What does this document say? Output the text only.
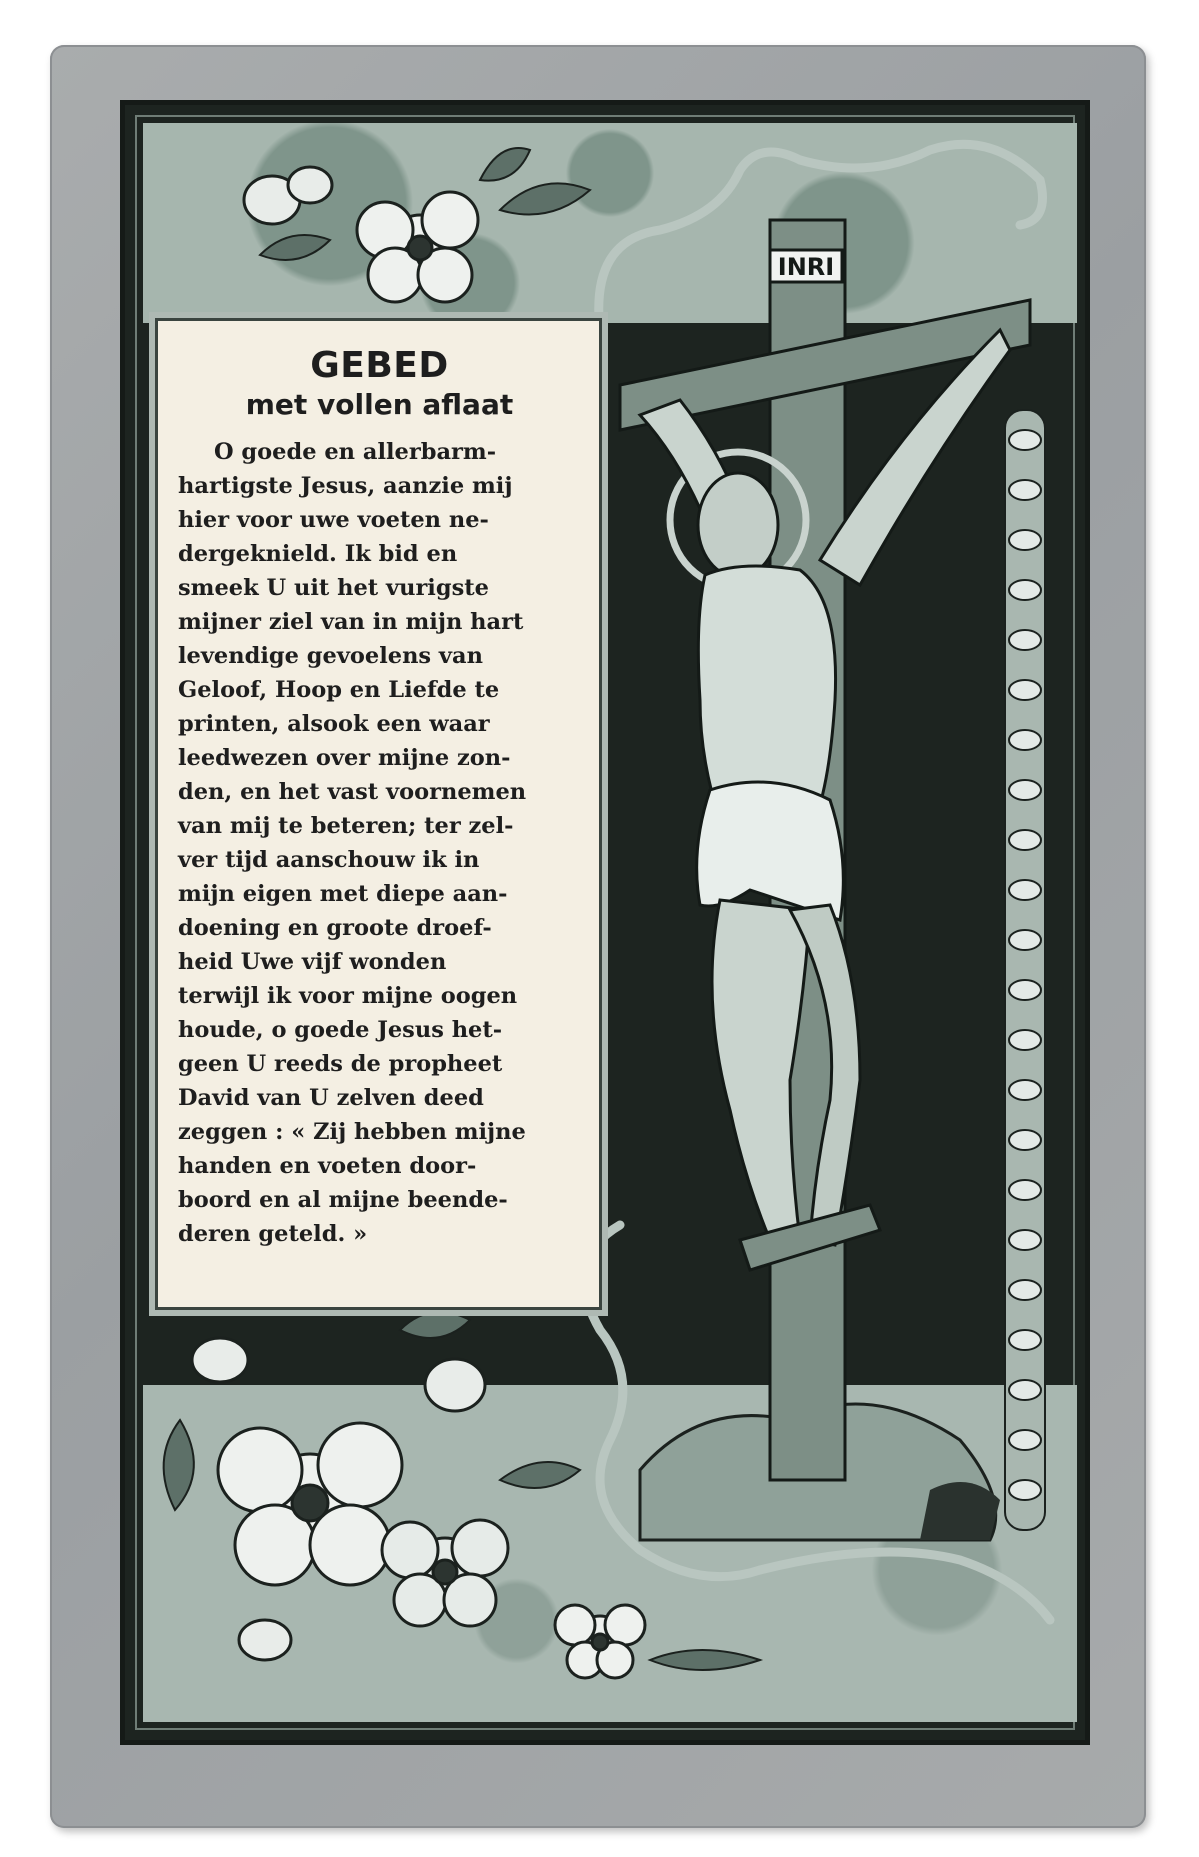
INRI
GEBED
met vollen aflaat

O goede en allerbarm-
hartigste Jesus, aanzie mij
hier voor uwe voeten ne-
dergeknield. Ik bid en
smeek U uit het vurigste
mijner ziel van in mijn hart
levendige gevoelens van
Geloof, Hoop en Liefde te
printen, alsook een waar
leedwezen over mijne zon-
den, en het vast voornemen
van mij te beteren; ter zel-
ver tijd aanschouw ik in
mijn eigen met diepe aan-
doening en groote droef-
heid Uwe vijf wonden
terwijl ik voor mijne oogen
houde, o goede Jesus het-
geen U reeds de propheet
David van U zelven deed
zeggen : « Zij hebben mijne
handen en voeten door-
boord en al mijne beende-
deren geteld. »
